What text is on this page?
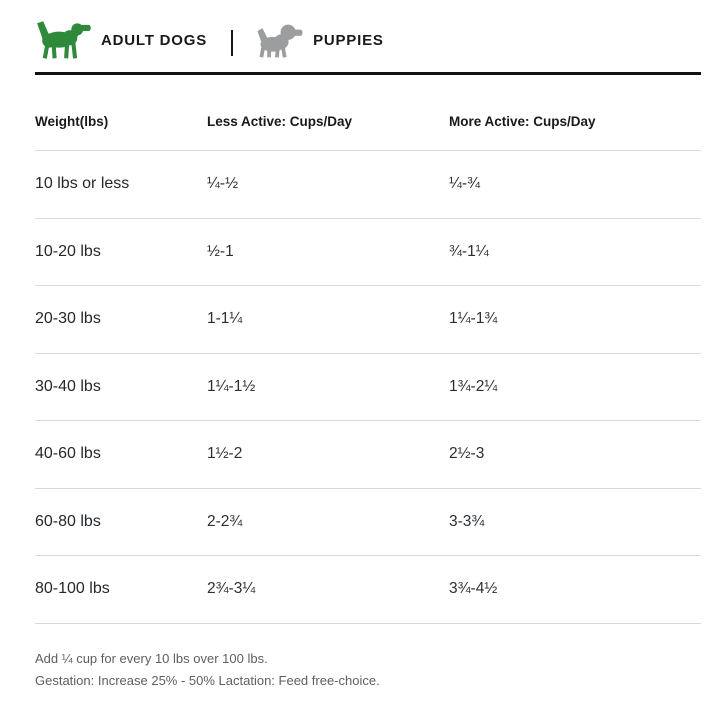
ADULT DOGS	PUPPIES
Weight(lbs)	Less Active: Cups/Day	More Active: Cups/Day
10 lbs or less	¼-½	¼-¾
10-20 lbs	½-1	¾-1¼
20-30 lbs	1-1¼	1¼-1¾
30-40 lbs	1¼-1½	1¾-2¼
40-60 lbs	1½-2	2½-3
60-80 lbs	2-2¾	3-3¾
80-100 lbs	2¾-3¼	3¾-4½

Add ¼ cup for every 10 lbs over 100 lbs.

Gestation: Increase 25% - 50% Lactation: Feed free-choice.
